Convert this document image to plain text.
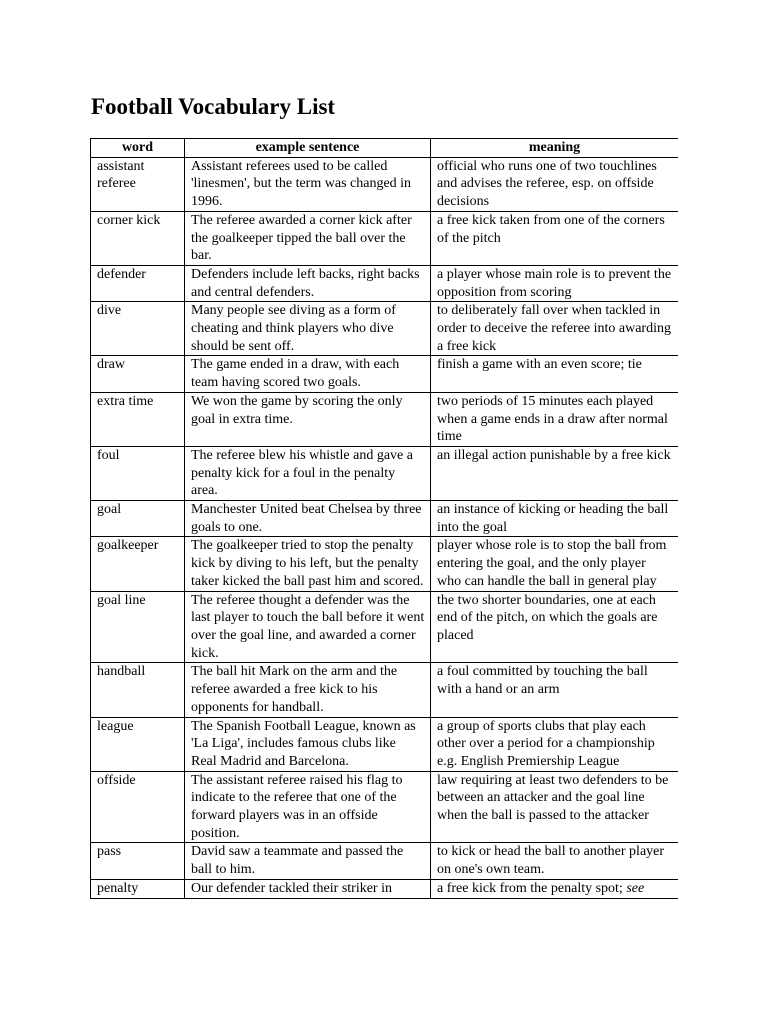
Football Vocabulary List
word	example sentence	meaning
assistant referee	Assistant referees used to be called 'linesmen', but the term was changed in 1996.	official who runs one of two touchlines and advises the referee, esp. on offside decisions
corner kick	The referee awarded a corner kick after the goalkeeper tipped the ball over the bar.	a free kick taken from one of the corners of the pitch
defender	Defenders include left backs, right backs and central defenders.	a player whose main role is to prevent the opposition from scoring
dive	Many people see diving as a form of cheating and think players who dive should be sent off.	to deliberately fall over when tackled in order to deceive the referee into awarding a free kick
draw	The game ended in a draw, with each team having scored two goals.	finish a game with an even score; tie
extra time	We won the game by scoring the only goal in extra time.	two periods of 15 minutes each played when a game ends in a draw after normal time
foul	The referee blew his whistle and gave a penalty kick for a foul in the penalty area.	an illegal action punishable by a free kick
goal	Manchester United beat Chelsea by three goals to one.	an instance of kicking or heading the ball into the goal
goalkeeper	The goalkeeper tried to stop the penalty kick by diving to his left, but the penalty taker kicked the ball past him and scored.	player whose role is to stop the ball from entering the goal, and the only player who can handle the ball in general play
goal line	The referee thought a defender was the last player to touch the ball before it went over the goal line, and awarded a corner kick.	the two shorter boundaries, one at each end of the pitch, on which the goals are placed
handball	The ball hit Mark on the arm and the referee awarded a free kick to his opponents for handball.	a foul committed by touching the ball with a hand or an arm
league	The Spanish Football League, known as 'La Liga', includes famous clubs like Real Madrid and Barcelona.	a group of sports clubs that play each other over a period for a championship e.g. English Premiership League
offside	The assistant referee raised his flag to indicate to the referee that one of the forward players was in an offside position.	law requiring at least two defenders to be between an attacker and the goal line when the ball is passed to the attacker
pass	David saw a teammate and passed the ball to him.	to kick or head the ball to another player on one's own team.
penalty	Our defender tackled their striker in	a free kick from the penalty spot; see
